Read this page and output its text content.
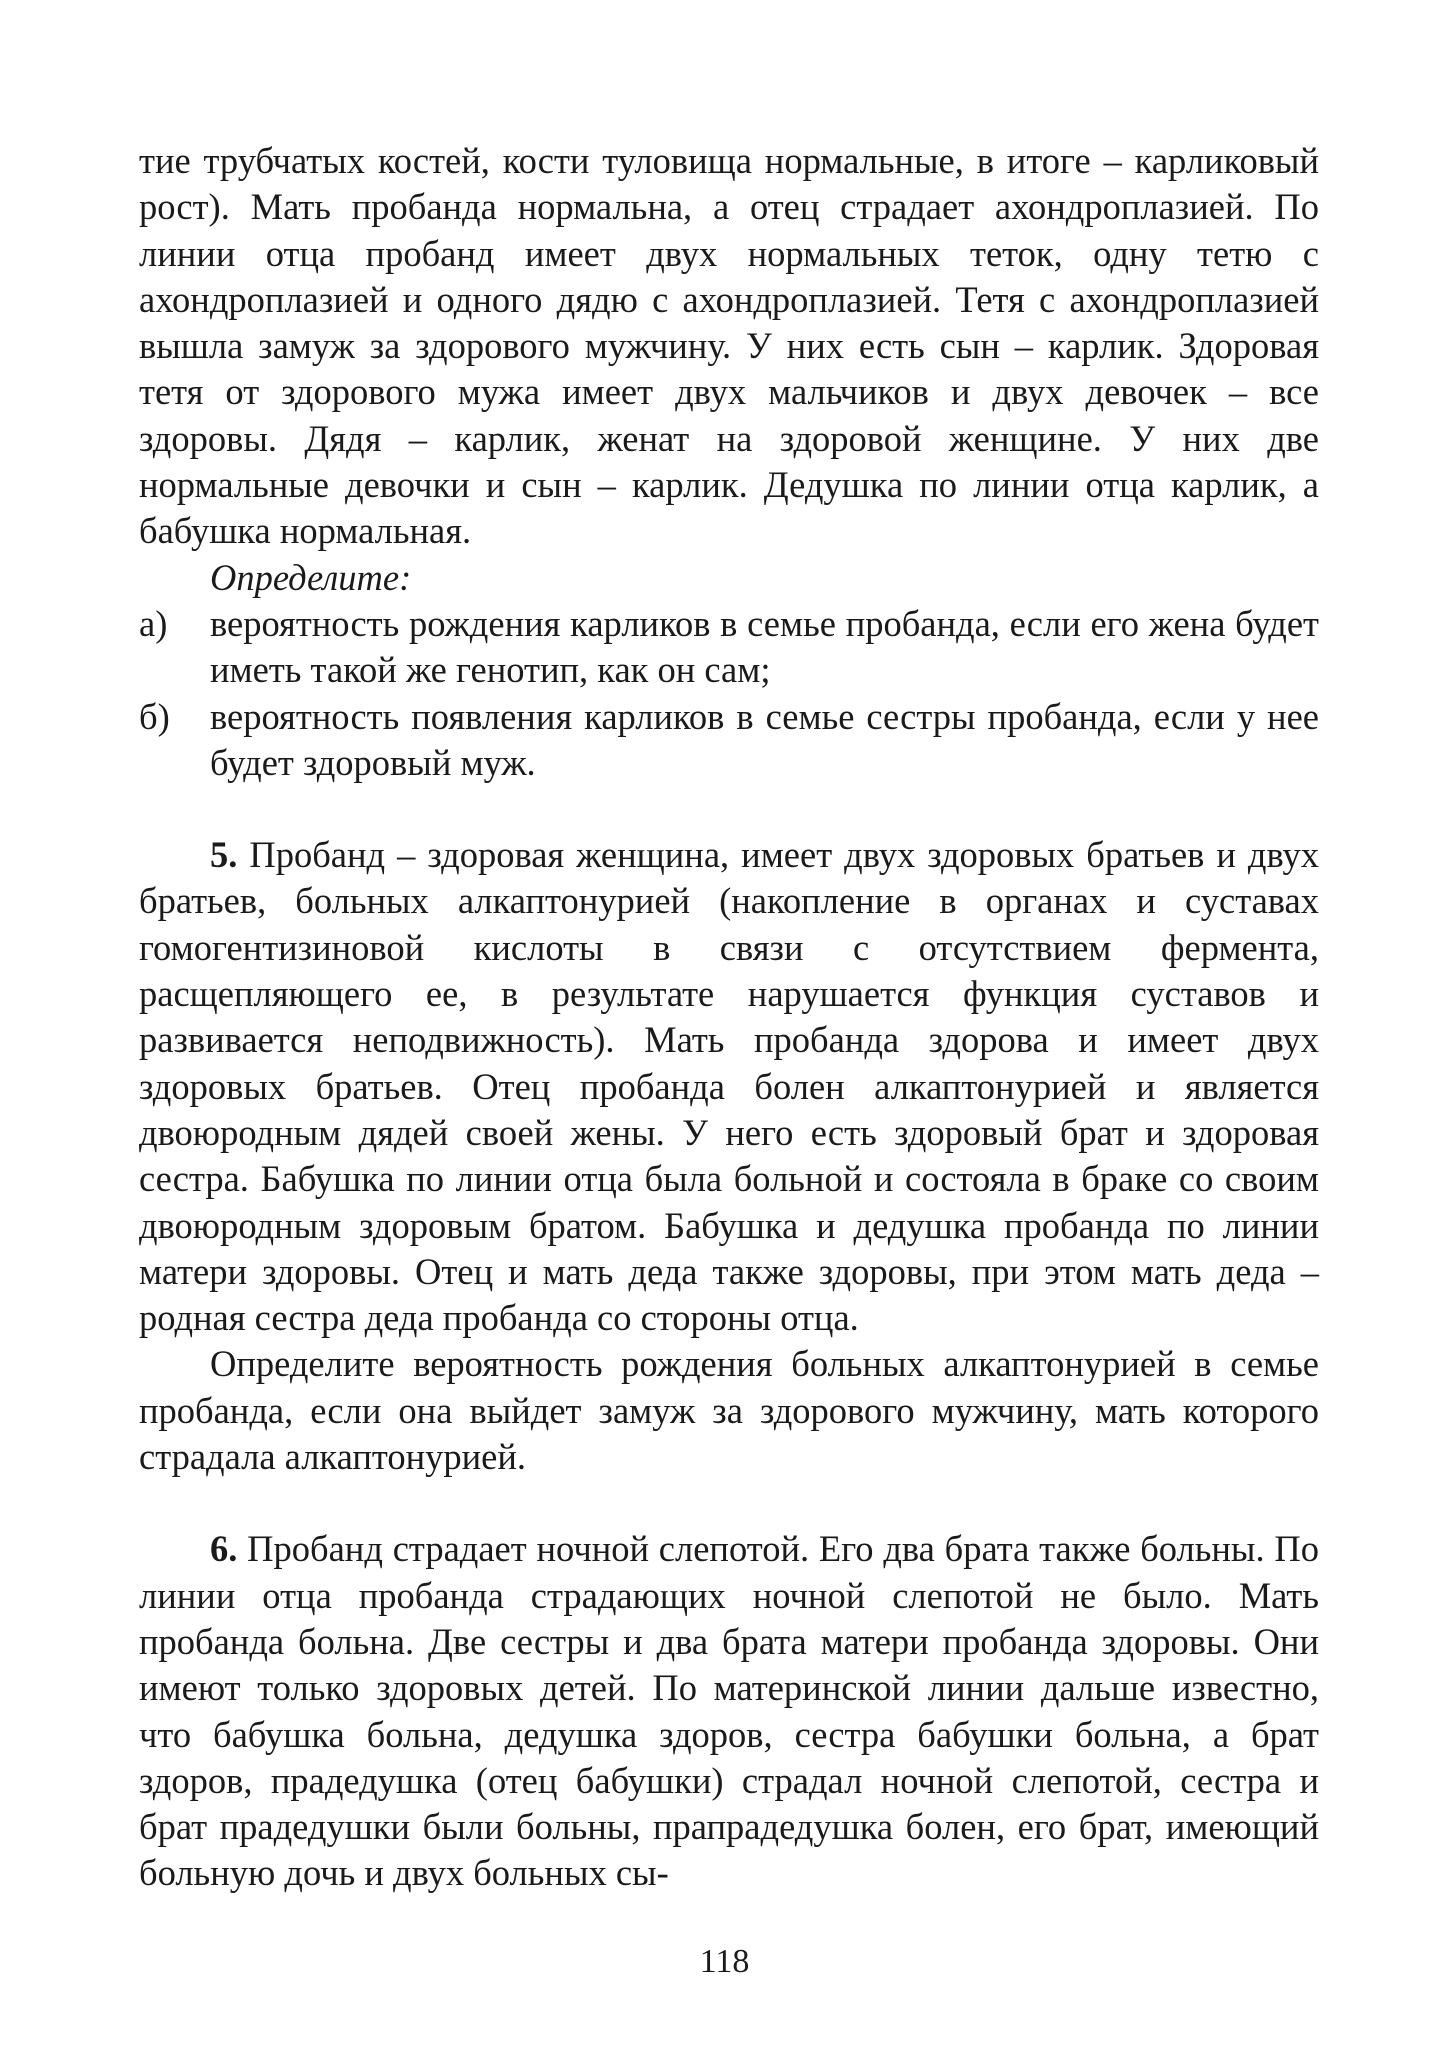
тие трубчатых костей, кости туловища нормальные, в итоге – карликовый рост). Мать пробанда нормальна, а отец страдает ахондроплазией. По линии отца пробанд имеет двух нормальных теток, одну тетю с ахондроплазией и одного дядю с ахондроплазией. Тетя с ахондроплазией вышла замуж за здорового мужчину. У них есть сын – карлик. Здоровая тетя от здорового мужа имеет двух мальчиков и двух девочек – все здоровы. Дядя – карлик, женат на здоровой женщине. У них две нормальные девочки и сын – карлик. Дедушка по линии отца карлик, а бабушка нормальная.

Определите:

а) вероятность рождения карликов в семье пробанда, если его жена будет иметь такой же генотип, как он сам;
б) вероятность появления карликов в семье сестры пробанда, если у нее будет здоровый муж.

5. Пробанд – здоровая женщина, имеет двух здоровых братьев и двух братьев, больных алкаптонурией (накопление в органах и суставах гомогентизиновой кислоты в связи с отсутствием фермента, расщепляющего ее, в результате нарушается функция суставов и развивается неподвижность). Мать пробанда здорова и имеет двух здоровых братьев. Отец пробанда болен алкаптонурией и является двоюродным дядей своей жены. У него есть здоровый брат и здоровая сестра. Бабушка по линии отца была больной и состояла в браке со своим двоюродным здоровым братом. Бабушка и дедушка пробанда по линии матери здоровы. Отец и мать деда также здоровы, при этом мать деда – родная сестра деда пробанда со стороны отца.

Определите вероятность рождения больных алкаптонурией в семье пробанда, если она выйдет замуж за здорового мужчину, мать которого страдала алкаптонурией.

6. Пробанд страдает ночной слепотой. Его два брата также больны. По линии отца пробанда страдающих ночной слепотой не было. Мать пробанда больна. Две сестры и два брата матери пробанда здоровы. Они имеют только здоровых детей. По материнской линии дальше известно, что бабушка больна, дедушка здоров, сестра бабушки больна, а брат здоров, прадедушка (отец бабушки) страдал ночной слепотой, сестра и брат прадедушки были больны, прапрадедушка болен, его брат, имеющий больную дочь и двух больных сы-

118
